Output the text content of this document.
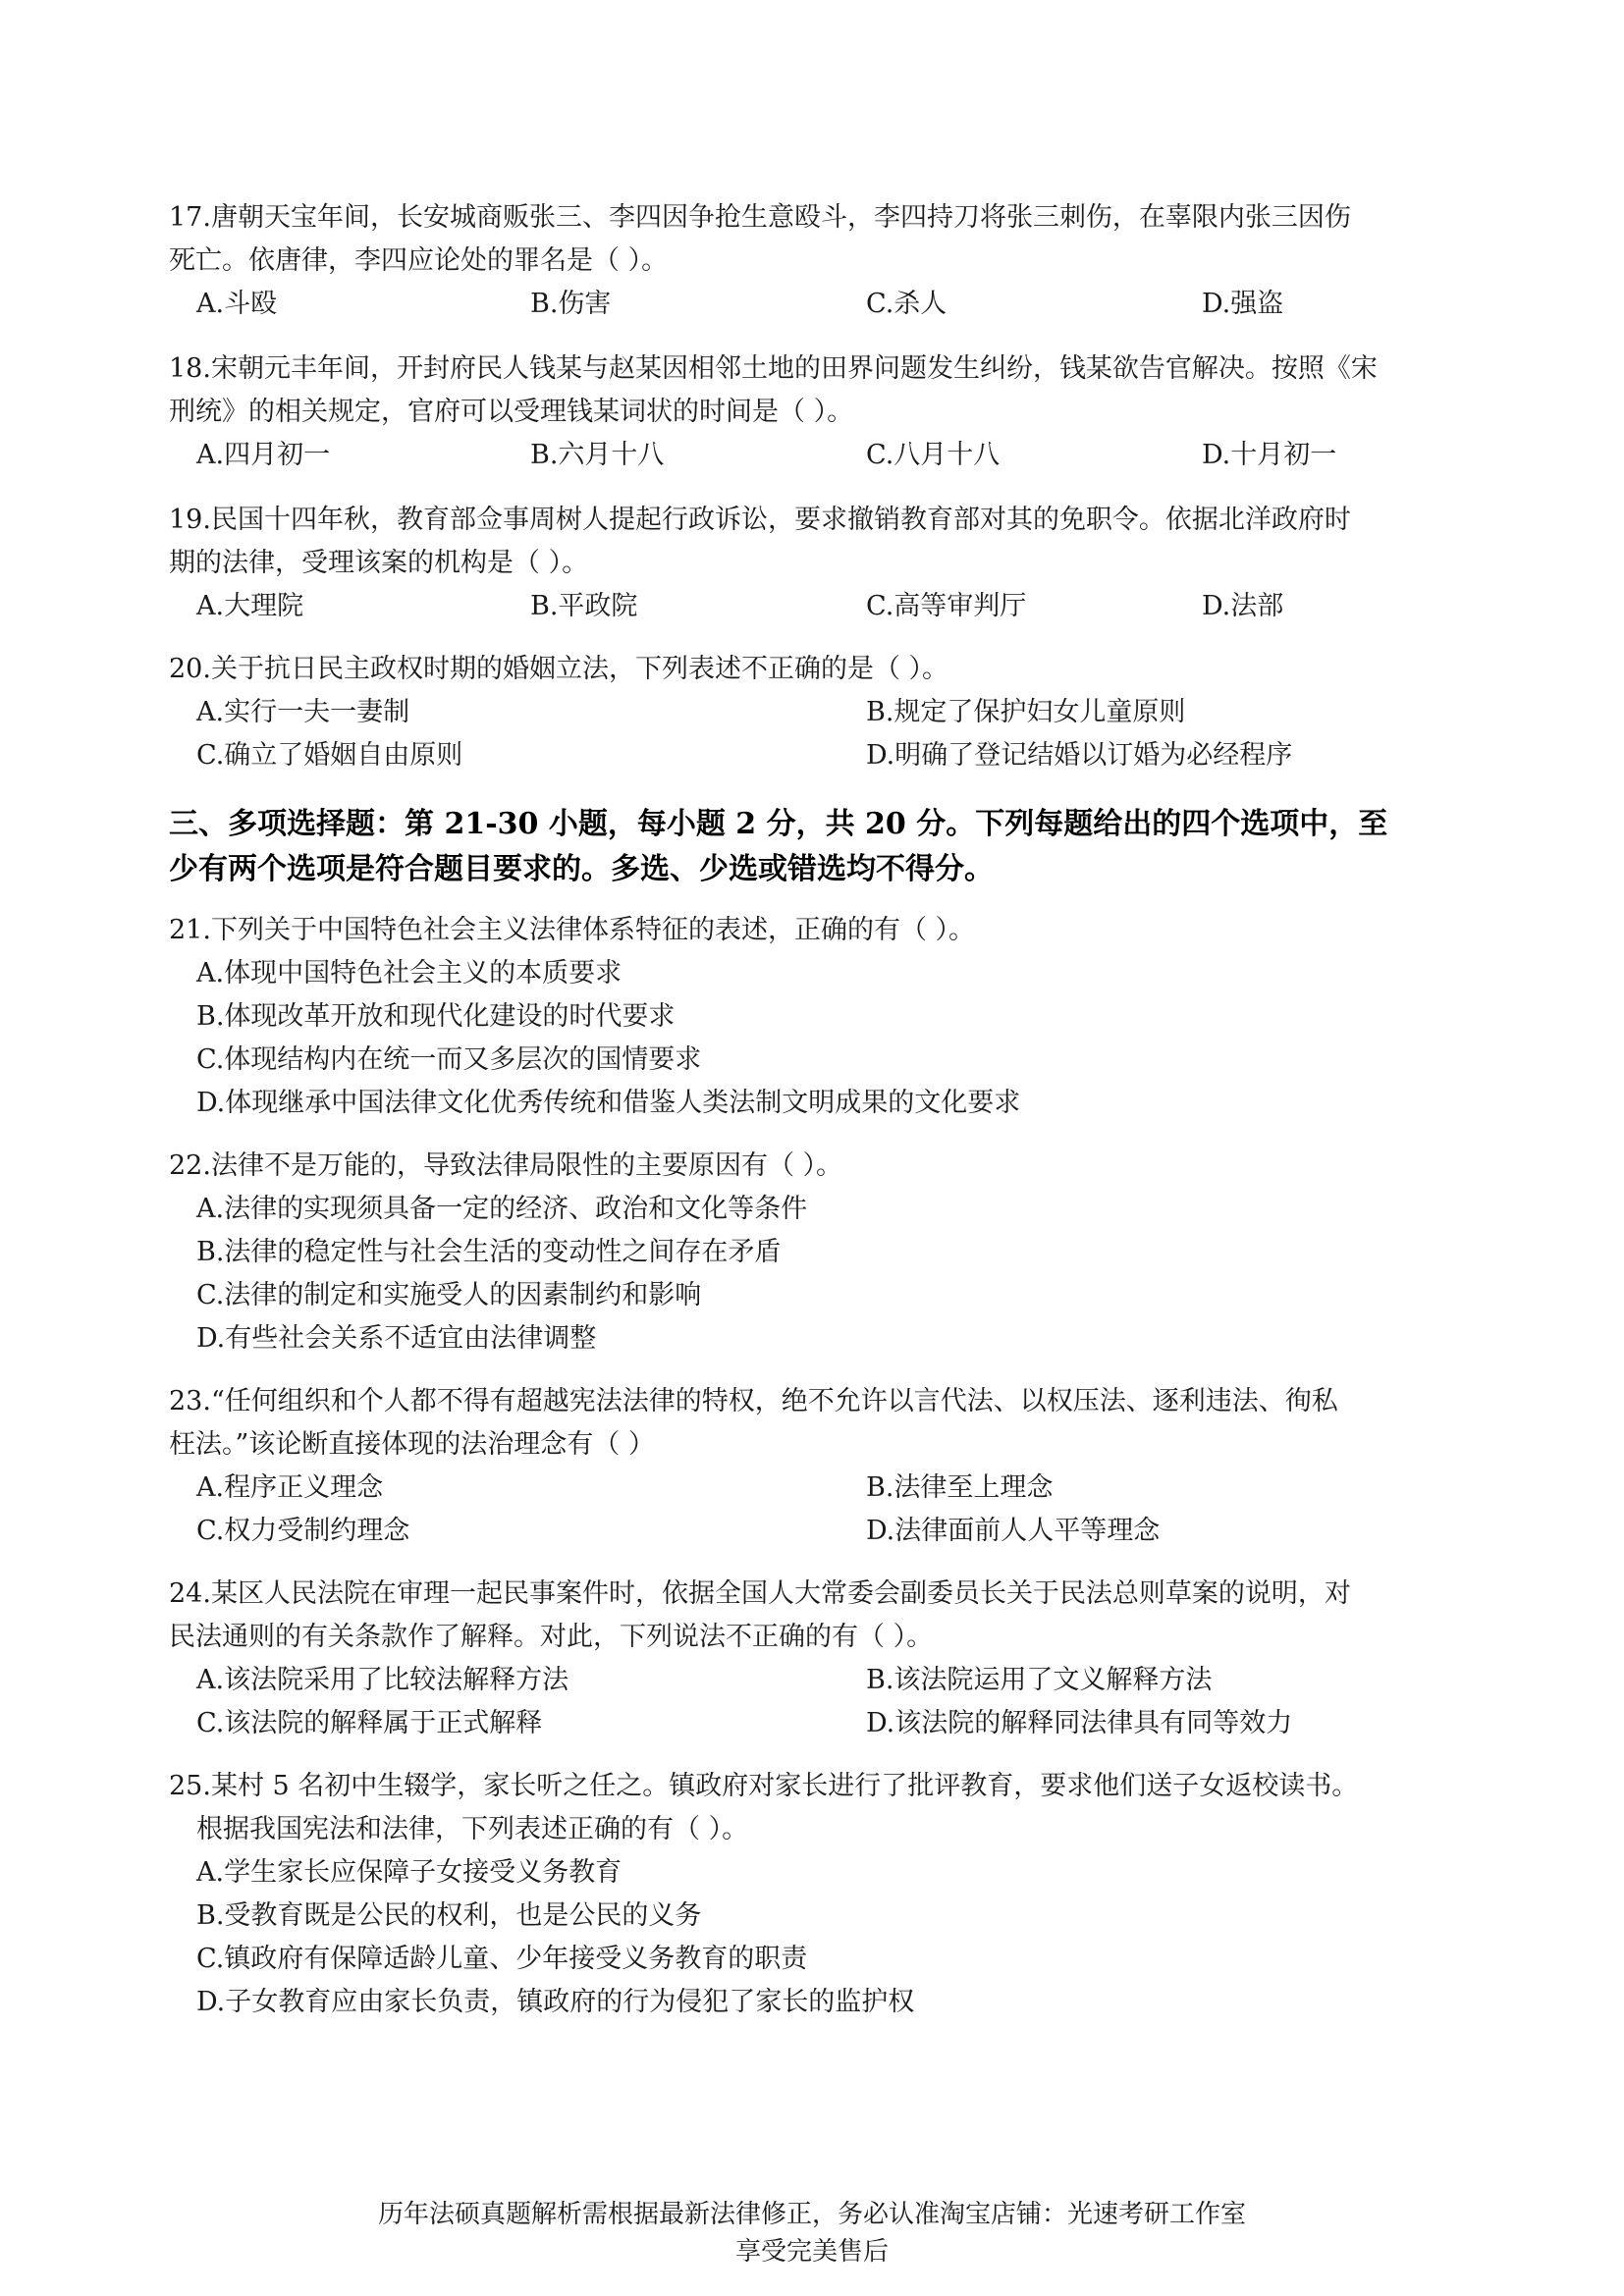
17.唐朝天宝年间，长安城商贩张三、李四因争抢生意殴斗，李四持刀将张三刺伤，在辜限内张三因伤
死亡。依唐律，李四应论处的罪名是（ ）。
A.斗殴	B.伤害	C.杀人	D.强盗
18.宋朝元丰年间，开封府民人钱某与赵某因相邻土地的田界问题发生纠纷，钱某欲告官解决。按照《宋
刑统》的相关规定，官府可以受理钱某词状的时间是（ ）。
A.四月初一	B.六月十八	C.八月十八	D.十月初一
19.民国十四年秋，教育部佥事周树人提起行政诉讼，要求撤销教育部对其的免职令。依据北洋政府时
期的法律，受理该案的机构是（ ）。
A.大理院	B.平政院	C.高等审判厅	D.法部
20.关于抗日民主政权时期的婚姻立法，下列表述不正确的是（ ）。
A.实行一夫一妻制	B.规定了保护妇女儿童原则
C.确立了婚姻自由原则	D.明确了登记结婚以订婚为必经程序
三、多项选择题：第 21-30 小题，每小题 2 分，共 20 分。下列每题给出的四个选项中，至
少有两个选项是符合题目要求的。多选、少选或错选均不得分。
21.下列关于中国特色社会主义法律体系特征的表述，正确的有（ ）。
A.体现中国特色社会主义的本质要求
B.体现改革开放和现代化建设的时代要求
C.体现结构内在统一而又多层次的国情要求
D.体现继承中国法律文化优秀传统和借鉴人类法制文明成果的文化要求
22.法律不是万能的，导致法律局限性的主要原因有（ ）。
A.法律的实现须具备一定的经济、政治和文化等条件
B.法律的稳定性与社会生活的变动性之间存在矛盾
C.法律的制定和实施受人的因素制约和影响
D.有些社会关系不适宜由法律调整
23.“任何组织和个人都不得有超越宪法法律的特权，绝不允许以言代法、以权压法、逐利违法、徇私
枉法。”该论断直接体现的法治理念有（ ）
A.程序正义理念	B.法律至上理念
C.权力受制约理念	D.法律面前人人平等理念
24.某区人民法院在审理一起民事案件时，依据全国人大常委会副委员长关于民法总则草案的说明，对
民法通则的有关条款作了解释。对此，下列说法不正确的有（ ）。
A.该法院采用了比较法解释方法	B.该法院运用了文义解释方法
C.该法院的解释属于正式解释	D.该法院的解释同法律具有同等效力
25.某村 5 名初中生辍学，家长听之任之。镇政府对家长进行了批评教育，要求他们送子女返校读书。
根据我国宪法和法律，下列表述正确的有（ ）。
A.学生家长应保障子女接受义务教育
B.受教育既是公民的权利，也是公民的义务
C.镇政府有保障适龄儿童、少年接受义务教育的职责
D.子女教育应由家长负责，镇政府的行为侵犯了家长的监护权
历年法硕真题解析需根据最新法律修正，务必认准淘宝店铺：光速考研工作室
享受完美售后
